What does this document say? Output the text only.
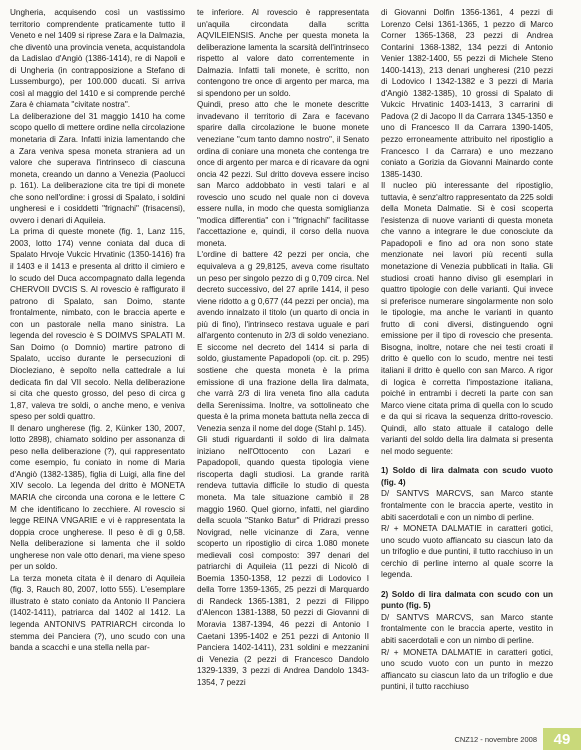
Ungheria, acquisendo così un vastissimo territorio comprendente praticamente tutto il Veneto e nel 1409 si riprese Zara e la Dalmazia, che diventò una provincia veneta, acquistandola da Ladislao d'Angiò (1386-1414), re di Napoli e di Ungheria (in contrapposizione a Stefano di Lussemburgo), per 100.000 ducati. Si arriva così al maggio del 1410 e si comprende perché Zara è chiamata "civitate nostra".

La deliberazione del 31 maggio 1410 ha come scopo quello di mettere ordine nella circolazione monetaria di Zara. Infatti inizia lamentando che a Zara veniva spesa moneta straniera ad un valore che superava l'intrinseco di ciascuna moneta, creando un danno a Venezia (Paolucci p. 161). La deliberazione cita tre tipi di monete che sono nell'ordine: i grossi di Spalato, i soldini ungheresi e i cosiddetti "frignachi" (frisacensi), ovvero i denari di Aquileia.

La prima di queste monete (fig. 1, Lanz 115, 2003, lotto 174) venne coniata dal duca di Spalato Hrvoje Vukcic Hrvatinic (1350-1416) fra il 1403 e il 1413 e presenta al dritto il cimiero e lo scudo del Duca accompagnato dalla legenda CHERVOII DVCIS S. Al rovescio è raffigurato il patrono di Spalato, san Doimo, stante frontalmente, nimbato, con le braccia aperte e con un pastorale nella mano sinistra. La legenda del rovescio è S DOIMVS SPALATI M. San Doimo (o Domnio) martire patrono di Spalato, ucciso durante le persecuzioni di Diocleziano, è sepolto nella cattedrale a lui dedicata fin dal VII secolo. Nella deliberazione si cita che questo grosso, del peso di circa g 1,87, valeva tre soldi, o anche meno, e veniva speso per soldi quattro.

Il denaro ungherese (fig. 2, Künker 130, 2007, lotto 2898), chiamato soldino per assonanza di peso nella deliberazione (?), qui rappresentato come esempio, fu coniato in nome di Maria d'Angiò (1382-1385), figlia di Luigi, alla fine del XIV secolo. La legenda del dritto è MONETA MARIA che circonda una corona e le lettere C M che identificano lo zecchiere. Al rovescio si legge REINA VNGARIE e vi è rappresentata la doppia croce ungherese. Il peso è di g 0,58. Nella deliberazione si lamenta che il soldo ungherese non vale otto denari, ma viene speso per un soldo.

La terza moneta citata è il denaro di Aquileia (fig. 3, Rauch 80, 2007, lotto 555). L'esemplare illustrato è stato coniato da Antonio II Panciera (1402-1411), patriarca dal 1402 al 1412. La legenda ANTONIVS PATRIARCH circonda lo stemma dei Panciera (?), uno scudo con una banda a scacchi e una stella nella par-

te inferiore. Al rovescio è rappresentata un'aquila circondata dalla scritta AQVILEIENSIS. Anche per questa moneta la deliberazione lamenta la scarsità dell'intrinseco rispetto al valore dato correntemente in Dalmazia. Infatti tali monete, è scritto, non contengono tre once di argento per marca, ma si spendono per un soldo.

Quindi, preso atto che le monete descritte invadevano il territorio di Zara e facevano sparire dalla circolazione le buone monete veneziane "cum tanto damno nostro", il Senato ordina di coniare una moneta che contenga tre once di argento per marca e di ricavare da ogni oncia 42 pezzi. Sul dritto doveva essere inciso san Marco addobbato in vesti talari e al rovescio uno scudo nel quale non ci doveva essere nulla, in modo che questa somiglianza "modica differentia" con i "frignachi" facilitasse l'accettazione e, quindi, il corso della nuova moneta.

L'ordine di battere 42 pezzi per oncia, che equivaleva a g 29,8125, aveva come risultato un peso per singolo pezzo di g 0,709 circa. Nel decreto successivo, del 27 aprile 1414, il peso viene ridotto a g 0,677 (44 pezzi per oncia), ma avendo innalzato il titolo (un quarto di oncia in più di fino), l'intrinseco restava uguale e pari all'argento contenuto in 2/3 di soldo veneziano. E siccome nel decreto del 1414 si parla di soldo, giustamente Papadopoli (op. cit. p. 295) sostiene che questa moneta è la prima emissione di una frazione della lira dalmata, che varrà 2/3 di lira veneta fino alla caduta della Serenissima. Inoltre, va sottolineato che questa è la prima moneta battuta nella zecca di Venezia senza il nome del doge (Stahl p. 145).

Gli studi riguardanti il soldo di lira dalmata iniziano nell'Ottocento con Lazari e Papadopoli, quando questa tipologia viene riscoperta dagli studiosi. La grande rarità rendeva tuttavia difficile lo studio di questa moneta. Ma tale situazione cambiò il 28 maggio 1960. Quel giorno, infatti, nel giardino della scuola "Stanko Batur" di Pridrazi presso Novigrad, nelle vicinanze di Zara, venne scoperto un ripostiglio di circa 1.080 monete medievali così composto: 397 denari del patriarchi di Aquileia (11 pezzi di Nicolò di Boemia 1350-1358, 12 pezzi di Lodovico I della Torre 1359-1365, 25 pezzi di Marquardo di Randeck 1365-1381, 2 pezzi di Filippo d'Alencon 1381-1388, 50 pezzi di Giovanni di Moravia 1387-1394, 46 pezzi di Antonio I Caetani 1395-1402 e 251 pezzi di Antonio II Panciera 1402-1411), 231 soldini e mezzanini di Venezia (2 pezzi di Francesco Dandolo 1329-1339, 3 pezzi di Andrea Dandolo 1343-1354, 7 pezzi

di Giovanni Dolfin 1356-1361, 4 pezzi di Lorenzo Celsi 1361-1365, 1 pezzo di Marco Corner 1365-1368, 23 pezzi di Andrea Contarini 1368-1382, 134 pezzi di Antonio Venier 1382-1400, 55 pezzi di Michele Steno 1400-1413), 213 denari ungheresi (210 pezzi di Lodovico I 1342-1382 e 3 pezzi di Maria d'Angiò 1382-1385), 10 grossi di Spalato di Vukcic Hrvatinic 1403-1413, 3 carrarini di Padova (2 di Jacopo II da Carrara 1345-1350 e uno di Francesco II da Carrara 1390-1405, pezzo erroneamente attribuito nel ripostiglio a Francesco I da Carrara) e uno mezzano coniato a Gorizia da Giovanni Mainardo conte 1385-1430.

Il nucleo più interessante del ripostiglio, tuttavia, è senz'altro rappresentato da 225 soldi della Moneta Dalmatie. Si è così scoperta l'esistenza di nuove varianti di questa moneta che vanno a integrare le due conosciute da Papadopoli e fino ad ora non sono state menzionate nei lavori più recenti sulla monetazione di Venezia pubblicati in Italia. Gli studiosi croati hanno diviso gli esemplari in quattro tipologie con delle varianti. Qui invece si preferisce numerare singolarmente non solo le tipologie, ma anche le varianti in quanto frutto di coni diversi, distinguendo ogni emissione per il tipo di rovescio che presenta. Bisogna, inoltre, notare che nei testi croati il dritto è quello con lo scudo, mentre nei testi italiani il dritto è quello con san Marco. A rigor di logica è corretta l'impostazione italiana, poiché in entrambi i decreti la parte con san Marco viene citata prima di quella con lo scudo e da qui si ricava la sequenza dritto-rovescio. Quindi, allo stato attuale il catalogo delle varianti del soldo della lira dalmata si presenta nel modo seguente:

1) Soldo di lira dalmata con scudo vuoto (fig. 4)

D/ SANTVS MARCVS, san Marco stante frontalmente con le braccia aperte, vestito in abiti sacerdotali e con un nimbo di perline.

R/ + MONETA DALMATIE in caratteri gotici, uno scudo vuoto affiancato su ciascun lato da un trifoglio e due puntini, il tutto racchiuso in un cerchio di perline interno al quale scorre la legenda.

2) Soldo di lira dalmata con scudo con un punto (fig. 5)

D/ SANTVS MARCVS, san Marco stante frontalmente con le braccia aperte, vestito in abiti sacerdotali e con un nimbo di perline.

R/ + MONETA DALMATIE in caratteri gotici, uno scudo vuoto con un punto in mezzo affiancato su ciascun lato da un trifoglio e due puntini, il tutto racchiuso

CNZ12 - novembre 2008	49
